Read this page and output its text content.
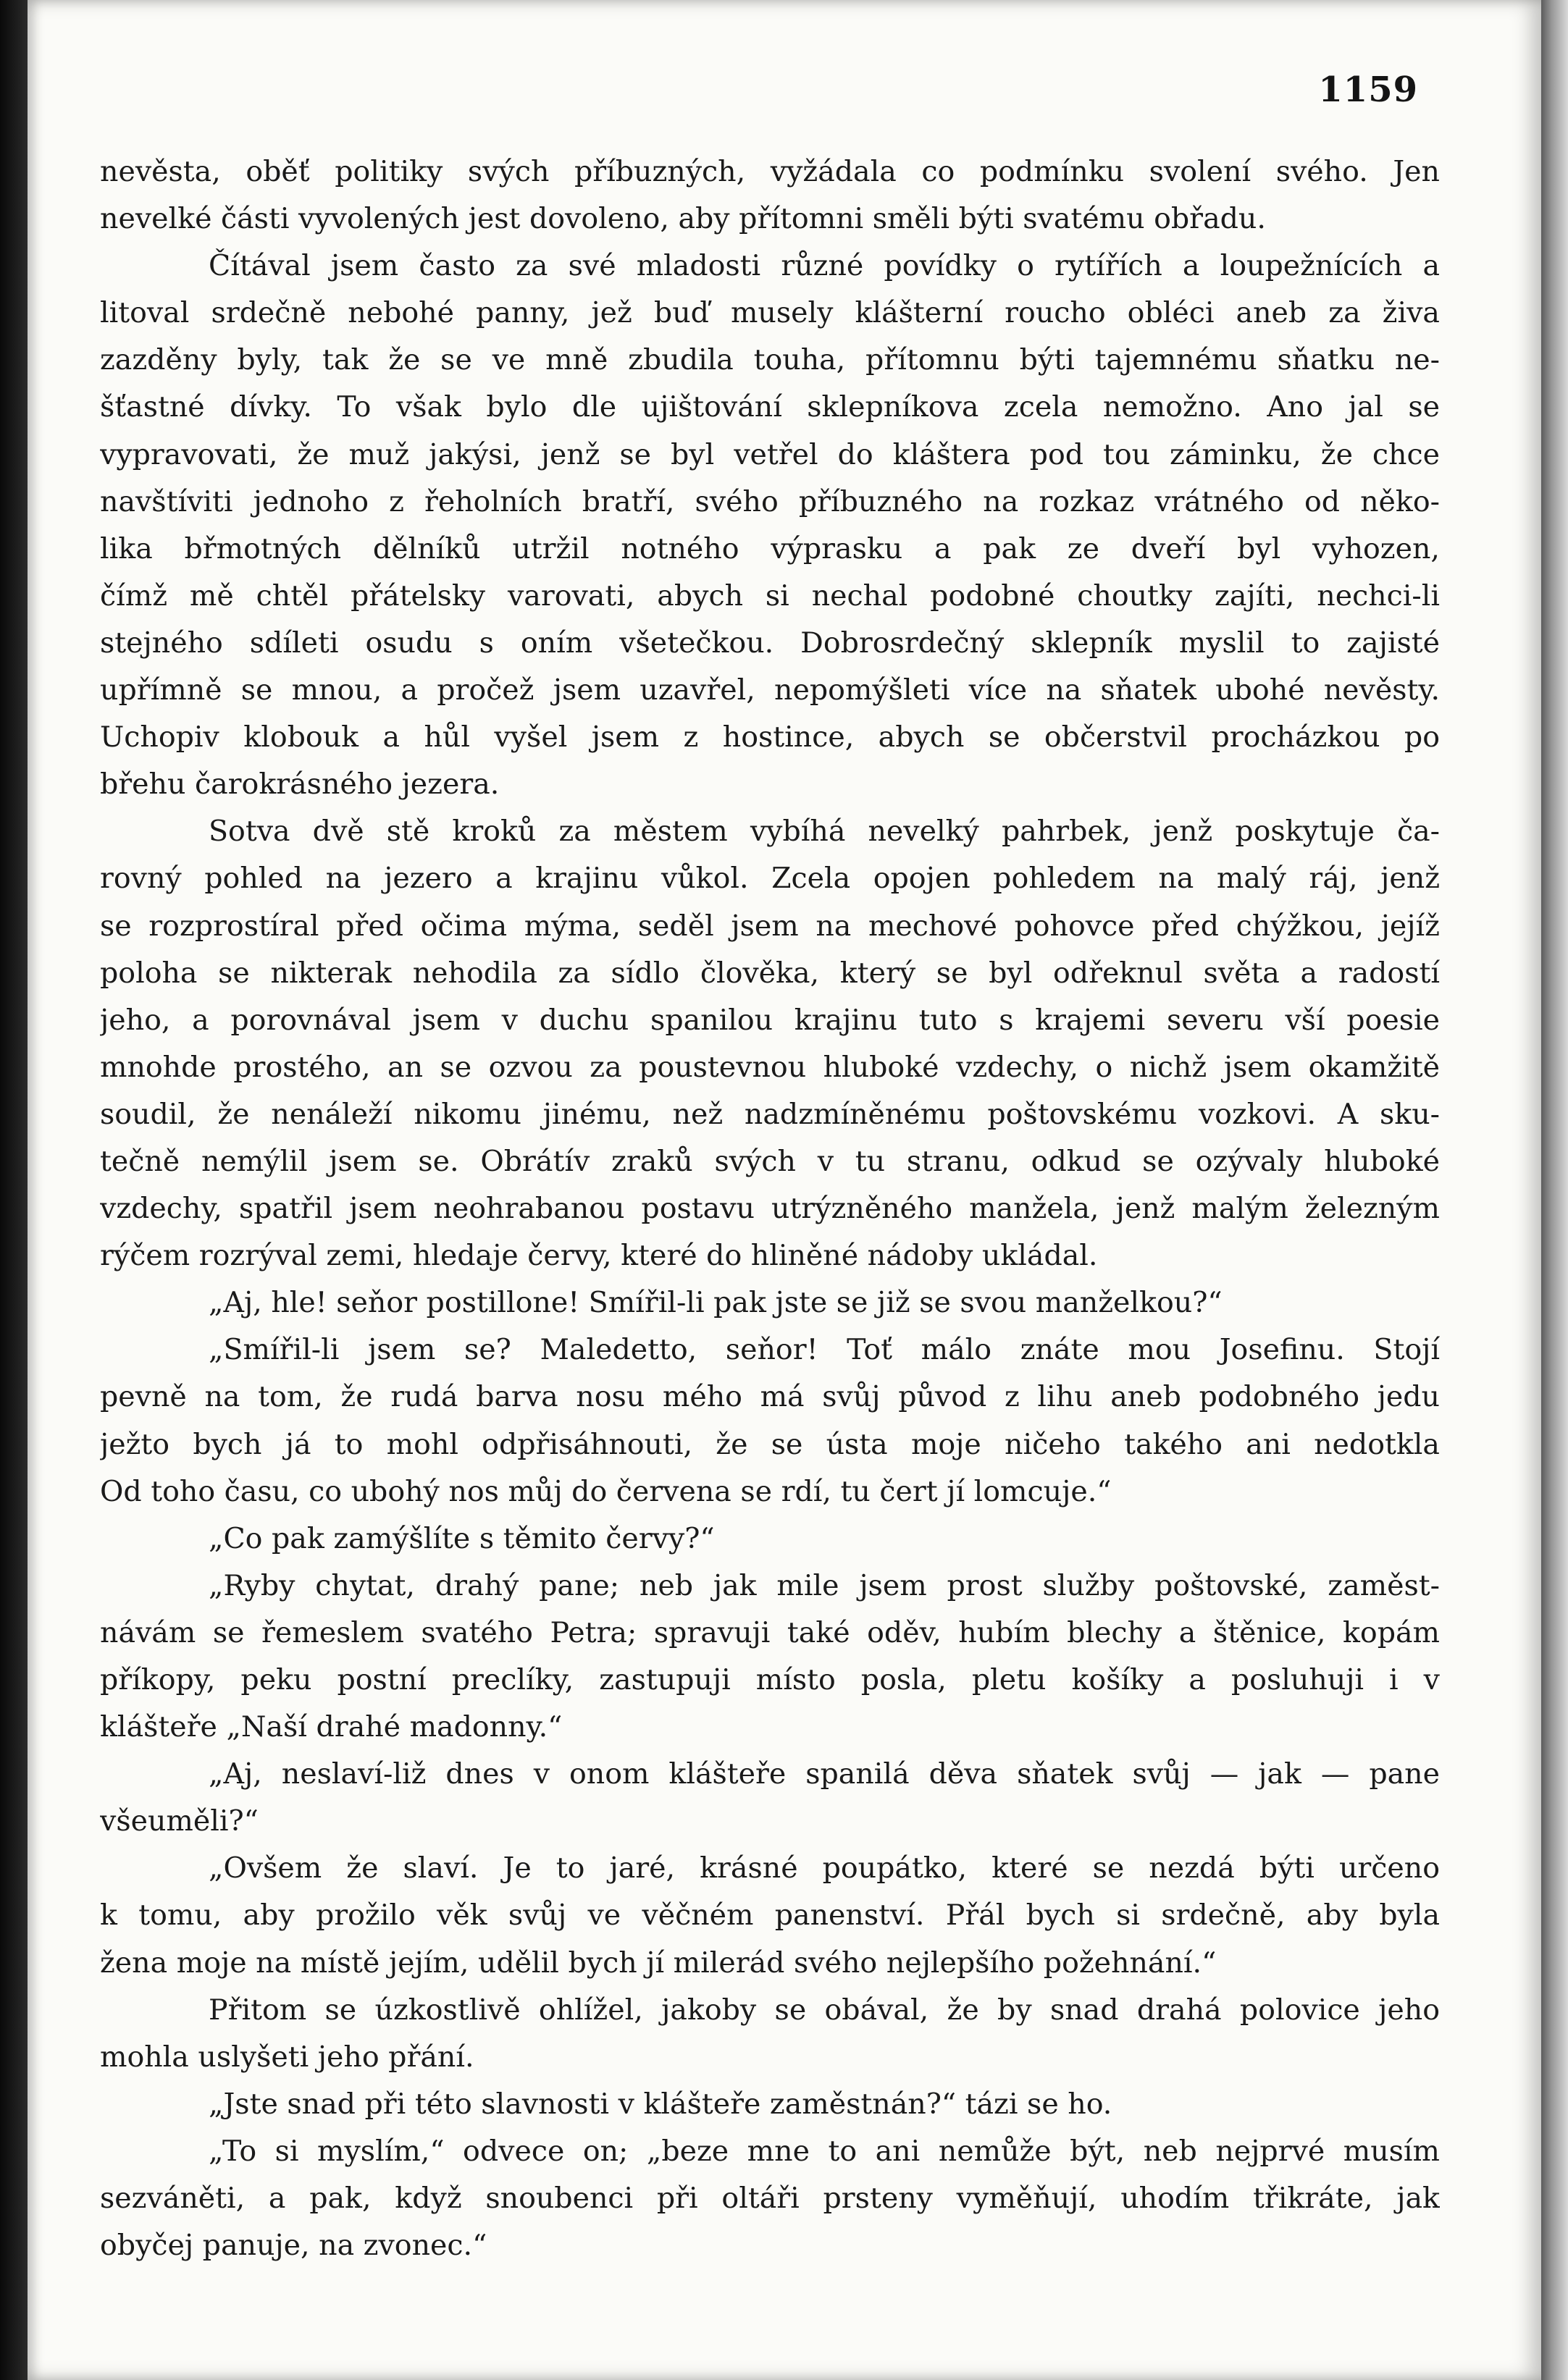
1159
nevěsta, oběť politiky svých příbuzných, vyžádala co podmínku svolení svého. Jen
nevelké části vyvolených jest dovoleno, aby přítomni směli býti svatému obřadu.
Čítával jsem často za své mladosti různé povídky o rytířích a loupežnících a
litoval srdečně nebohé panny, jež buď musely klášterní roucho obléci aneb za živa
zazděny byly, tak že se ve mně zbudila touha, přítomnu býti tajemnému sňatku ne-
šťastné dívky. To však bylo dle ujištování sklepníkova zcela nemožno. Ano jal se
vypravovati, že muž jakýsi, jenž se byl vetřel do kláštera pod tou záminku, že chce
navštíviti jednoho z řeholních bratří, svého příbuzného na rozkaz vrátného od něko-
lika břmotných dělníků utržil notného výprasku a pak ze dveří byl vyhozen,
čímž mě chtěl přátelsky varovati, abych si nechal podobné choutky zajíti, nechci-li
stejného sdíleti osudu s oním všetečkou. Dobrosrdečný sklepník myslil to zajisté
upřímně se mnou, a pročež jsem uzavřel, nepomýšleti více na sňatek ubohé nevěsty.
Uchopiv klobouk a hůl vyšel jsem z hostince, abych se občerstvil procházkou po
břehu čarokrásného jezera.
Sotva dvě stě kroků za městem vybíhá nevelký pahrbek, jenž poskytuje ča-
rovný pohled na jezero a krajinu vůkol. Zcela opojen pohledem na malý ráj, jenž
se rozprostíral před očima mýma, seděl jsem na mechové pohovce před chýžkou, jejíž
poloha se nikterak nehodila za sídlo člověka, který se byl odřeknul světa a radostí
jeho, a porovnával jsem v duchu spanilou krajinu tuto s krajemi severu vší poesie
mnohde prostého, an se ozvou za poustevnou hluboké vzdechy, o nichž jsem okamžitě
soudil, že nenáleží nikomu jinému, než nadzmíněnému poštovskému vozkovi. A sku-
tečně nemýlil jsem se. Obrátív zraků svých v tu stranu, odkud se ozývaly hluboké
vzdechy, spatřil jsem neohrabanou postavu utrýzněného manžela, jenž malým železným
rýčem rozrýval zemi, hledaje červy, které do hliněné nádoby ukládal.
„Aj, hle! seňor postillone! Smířil-li pak jste se již se svou manželkou?“
„Smířil-li jsem se? Maledetto, seňor! Toť málo znáte mou Josefinu. Stojí
pevně na tom, že rudá barva nosu mého má svůj původ z lihu aneb podobného jedu
ježto bych já to mohl odpřisáhnouti, že se ústa moje ničeho takého ani nedotkla
Od toho času, co ubohý nos můj do červena se rdí, tu čert jí lomcuje.“
„Co pak zamýšlíte s těmito červy?“
„Ryby chytat, drahý pane; neb jak mile jsem prost služby poštovské, zaměst-
návám se řemeslem svatého Petra; spravuji také oděv, hubím blechy a štěnice, kopám
příkopy, peku postní preclíky, zastupuji místo posla, pletu košíky a posluhuji i v
klášteře „Naší drahé madonny.“
„Aj, neslaví-liž dnes v onom klášteře spanilá děva sňatek svůj — jak — pane
všeuměli?“
„Ovšem že slaví. Je to jaré, krásné poupátko, které se nezdá býti určeno
k tomu, aby prožilo věk svůj ve věčném panenství. Přál bych si srdečně, aby byla
žena moje na místě jejím, udělil bych jí milerád svého nejlepšího požehnání.“
Přitom se úzkostlivě ohlížel, jakoby se obával, že by snad drahá polovice jeho
mohla uslyšeti jeho přání.
„Jste snad při této slavnosti v klášteře zaměstnán?“ tázi se ho.
„To si myslím,“ odvece on; „beze mne to ani nemůže být, neb nejprvé musím
sezváněti, a pak, když snoubenci při oltáři prsteny vyměňují, uhodím třikráte, jak
obyčej panuje, na zvonec.“
